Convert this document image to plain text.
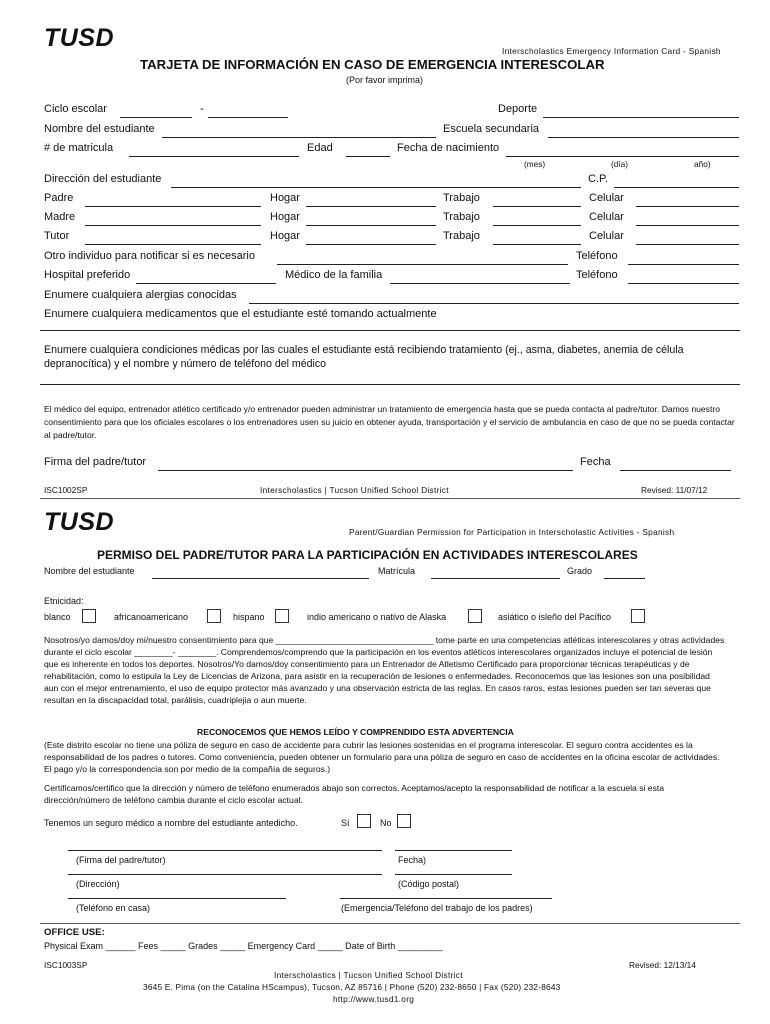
TUSD	Interscholastics Emergency Information Card - Spanish
TARJETA DE INFORMACIÓN EN CASO DE EMERGENCIA INTERESCOLAR
(Por favor imprima)
Ciclo escolar	-	Deporte
Nombre del estudiante	Escuela secundaria
# de matricula	Edad	Fecha de nacimiento
(mes)	(día)	año)
Dirección del estudiante	C.P.
Padre	Hogar	Trabajo	Celular
Madre	Hogar	Trabajo	Celular
Tutor	Hogar	Trabajo	Celular
Otro individuo para notificar si es necesario	Teléfono
Hospital preferido	Médico de la familia	Teléfono
Enumere cualquiera alergias conocidas
Enumere cualquiera medicamentos que el estudiante esté tomando actualmente
Enumere cualquiera condiciones médicas por las cuales el estudiante está recibiendo tratamiento (ej., asma, diabetes, anemia de célula depranocítica) y el nombre y número de teléfono del médico
El médico del equipo, entrenador atlético certificado y/o entrenador pueden administrar un tratamiento de emergencia hasta que se pueda contacta al padre/tutor. Damos nuestro consentimiento para que los oficiales escolares o los entrenadores usen su juicio en obtener ayuda, transportación y el servicio de ambulancia en caso de que no se pueda contactar al padre/tutor.
Firma del padre/tutor	Fecha
ISC1002SP	Interscholastics | Tucson Unified School District	Revised: 11/07/12
TUSD	Parent/Guardian Permission for Participation in Interscholastic Activities - Spanish
PERMISO DEL PADRE/TUTOR PARA LA PARTICIPACIÓN EN ACTIVIDADES INTERESCOLARES
Nombre del estudiante	Matrícula	Grado
Etnicidad:
blanco	africanoamericano	hispano	indio americano o nativo de Alaska	asiático o isleño del Pacífico
Nosotros/yo damos/doy mi/nuestro consentimiento para que _________________________________ tome parte en una competencias atléticas interescolares y otras actividades durante el ciclo escolar ________- ________. Comprendemos/comprendo que la participación en los eventos atléticos interescolares organizados incluye el potencial de lesión que es inherente en todos los deportes. Nosotros/Yo damos/doy consentimiento para un Entrenador de Atletismo Certificado para proporcionar técnicas terapéuticas y de rehabilitación, como lo estipula la Ley de Licencias de Arizona, para asistir en la recuperación de lesiones o enfermedades. Reconocemos que las lesiones son una posibilidad aun con el mejor entrenamiento, el uso de equipo protector más avanzado y una observación estricta de las reglas. En casos raros, estas lesiones pueden ser tan severas que resultan en la discapacidad total, parálisis, cuadriplejia o aun muerte.
RECONOCEMOS QUE HEMOS LEÍDO Y COMPRENDIDO ESTA ADVERTENCIA
(Este distrito escolar no tiene una póliza de seguro en caso de accidente para cubrir las lesiones sostenidas en el programa interescolar. El seguro contra accidentes es la responsabilidad de los padres o tutores. Como conveniencia, pueden obtener un formulario para una póliza de seguro en caso de accidentes en la oficina escolar de actividades. El pago y/o la correspondencia son por medio de la compañía de seguros.)
Certificamos/certifico que la dirección y número de teléfono enumerados abajo son correctos. Aceptamos/acepto la responsabilidad de notificar a la escuela si esta dirección/número de teléfono cambia durante el ciclo escolar actual.
Tenemos un seguro médico a nombre del estudiante antedicho.	Sí	No
(Firma del padre/tutor)	Fecha)
(Dirección)	(Código postal)
(Teléfono en casa)	(Emergencia/Teléfono del trabajo de los padres)
OFFICE USE:
Physical Exam ______ Fees _____ Grades _____ Emergency Card _____ Date of Birth _________
ISC1003SP	Revised: 12/13/14
Interscholastics | Tucson Unified School District
3645 E. Pima (on the Catalina HScampus), Tucson, AZ 85716 | Phone (520) 232-8650 | Fax (520) 232-8643
http://www.tusd1.org
